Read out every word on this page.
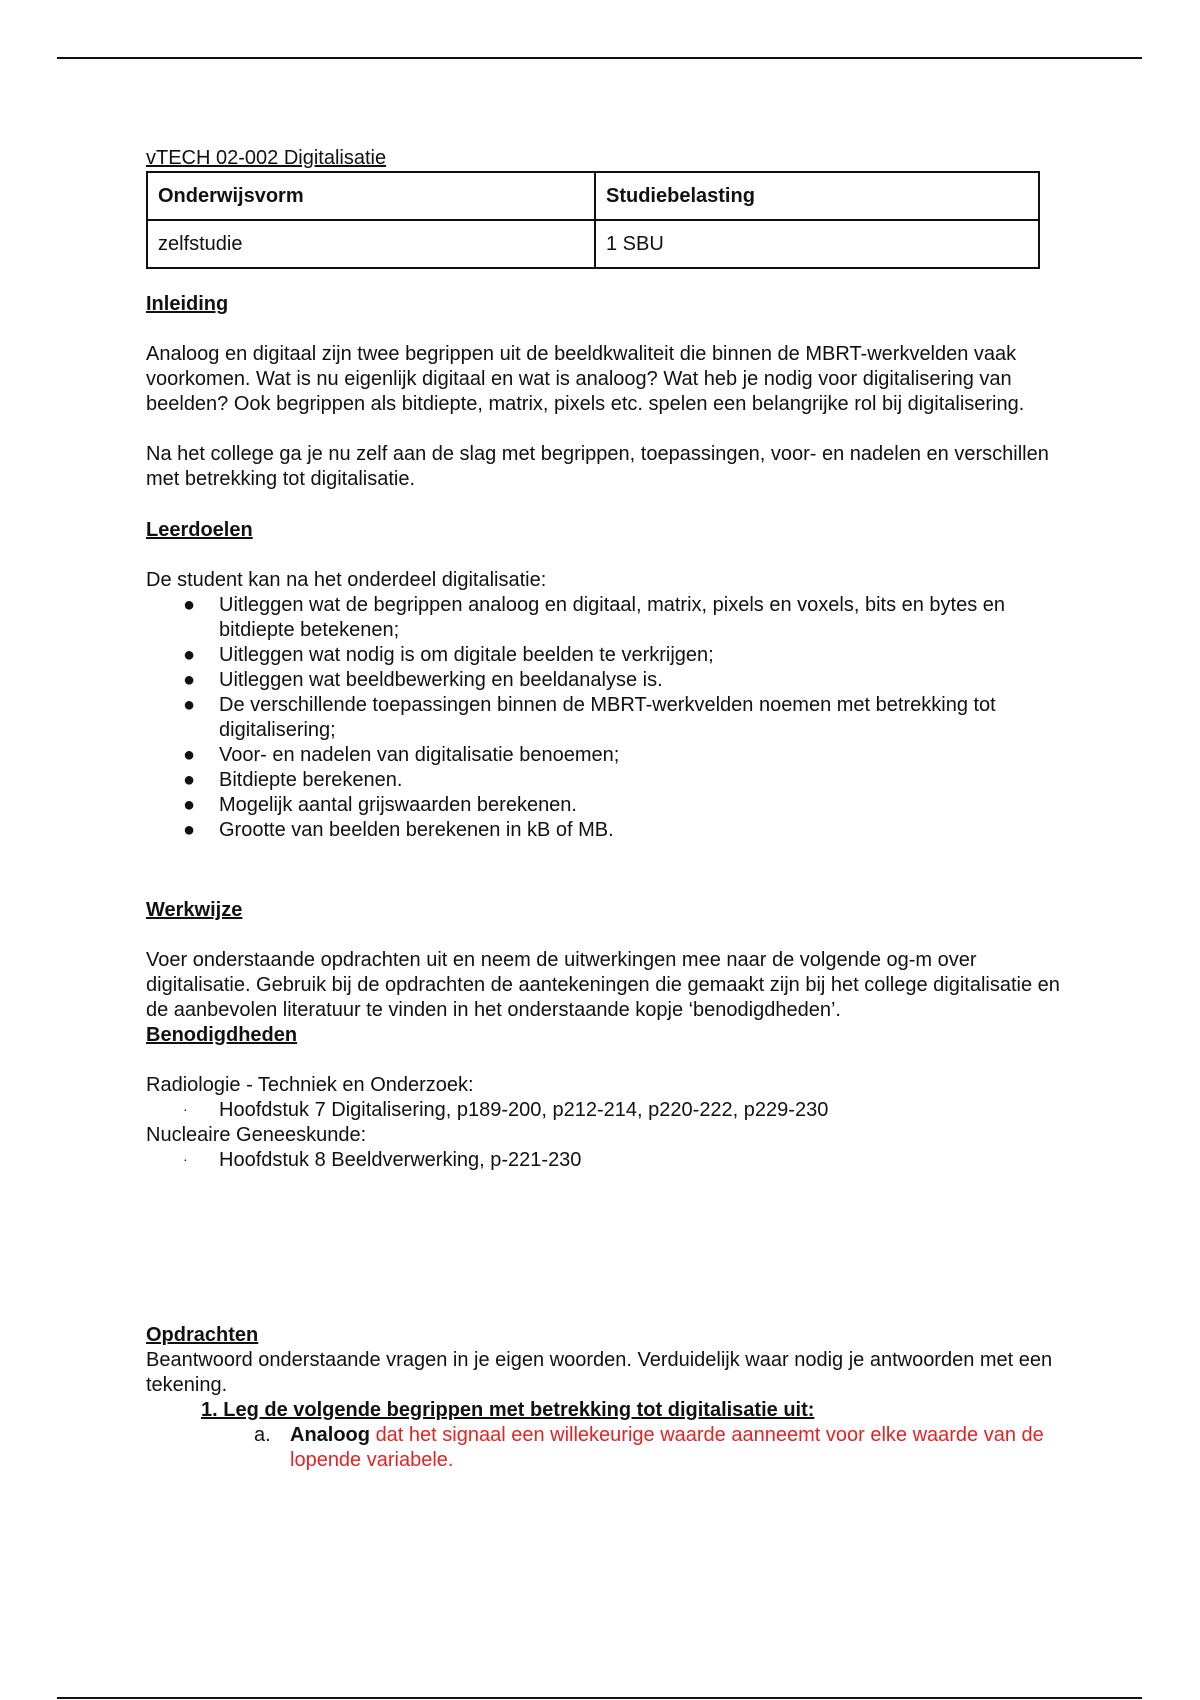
vTECH 02-002 Digitalisatie

Onderwijsvorm	Studiebelasting
zelfstudie	1 SBU
Inleiding

Analoog en digitaal zijn twee begrippen uit de beeldkwaliteit die binnen de MBRT-werkvelden vaak voorkomen. Wat is nu eigenlijk digitaal en wat is analoog? Wat heb je nodig voor digitalisering van beelden? Ook begrippen als bitdiepte, matrix, pixels etc. spelen een belangrijke rol bij digitalisering.

Na het college ga je nu zelf aan de slag met begrippen, toepassingen, voor- en nadelen en verschillen met betrekking tot digitalisatie.

Leerdoelen

De student kan na het onderdeel digitalisatie:

● Uitleggen wat de begrippen analoog en digitaal, matrix, pixels en voxels, bits en bytes en bitdiepte betekenen;
● Uitleggen wat nodig is om digitale beelden te verkrijgen;
● Uitleggen wat beeldbewerking en beeldanalyse is.
● De verschillende toepassingen binnen de MBRT-werkvelden noemen met betrekking tot digitalisering;
● Voor- en nadelen van digitalisatie benoemen;
● Bitdiepte berekenen.
● Mogelijk aantal grijswaarden berekenen.
● Grootte van beelden berekenen in kB of MB.
Werkwijze

Voer onderstaande opdrachten uit en neem de uitwerkingen mee naar de volgende og-m over digitalisatie. Gebruik bij de opdrachten de aantekeningen die gemaakt zijn bij het college digitalisatie en de aanbevolen literatuur te vinden in het onderstaande kopje ‘benodigdheden’.

Benodigdheden

Radiologie - Techniek en Onderzoek:

· Hoofdstuk 7 Digitalisering, p189-200, p212-214, p220-222, p229-230

Nucleaire Geneeskunde:

· Hoofdstuk 8 Beeldverwerking, p-221-230
Opdrachten

Beantwoord onderstaande vragen in je eigen woorden. Verduidelijk waar nodig je antwoorden met een tekening.

1. Leg de volgende begrippen met betrekking tot digitalisatie uit:

a. Analoog dat het signaal een willekeurige waarde aanneemt voor elke waarde van de lopende variabele.
